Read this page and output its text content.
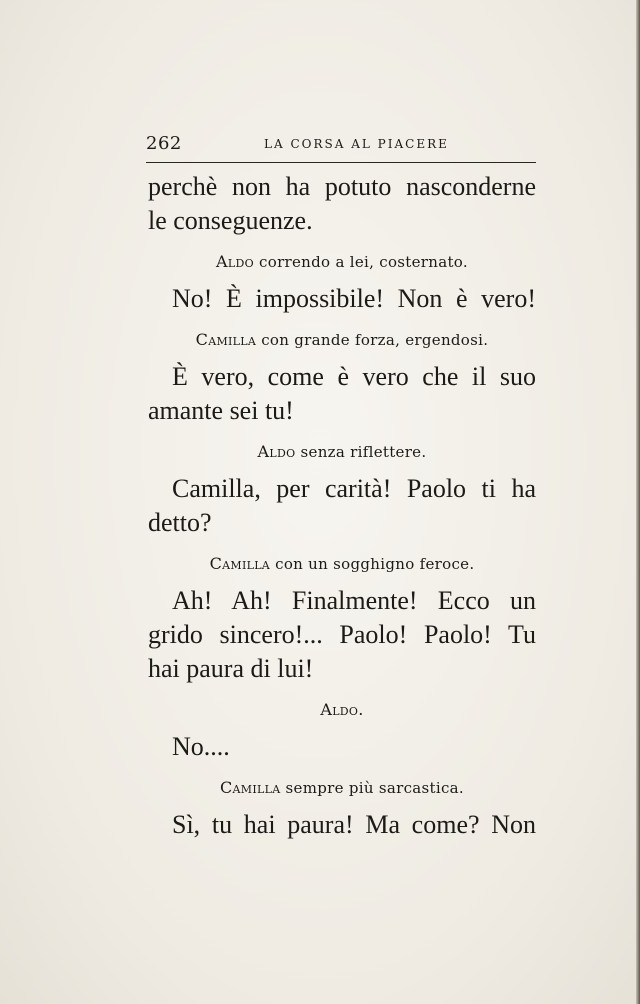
262	LA CORSA AL PIACERE
perchè non ha potuto nasconderne
le conseguenze.
Aldo correndo a lei, costernato.
No! È impossibile! Non è vero!
Camilla con grande forza, ergendosi.
È vero, come è vero che il suo
amante sei tu!
Aldo senza riflettere.
Camilla, per carità! Paolo ti ha
detto?
Camilla con un sogghigno feroce.
Ah! Ah! Finalmente! Ecco un
grido sincero!... Paolo! Paolo! Tu
hai paura di lui!
Aldo.
No....
Camilla sempre più sarcastica.
Sì, tu hai paura! Ma come? Non
